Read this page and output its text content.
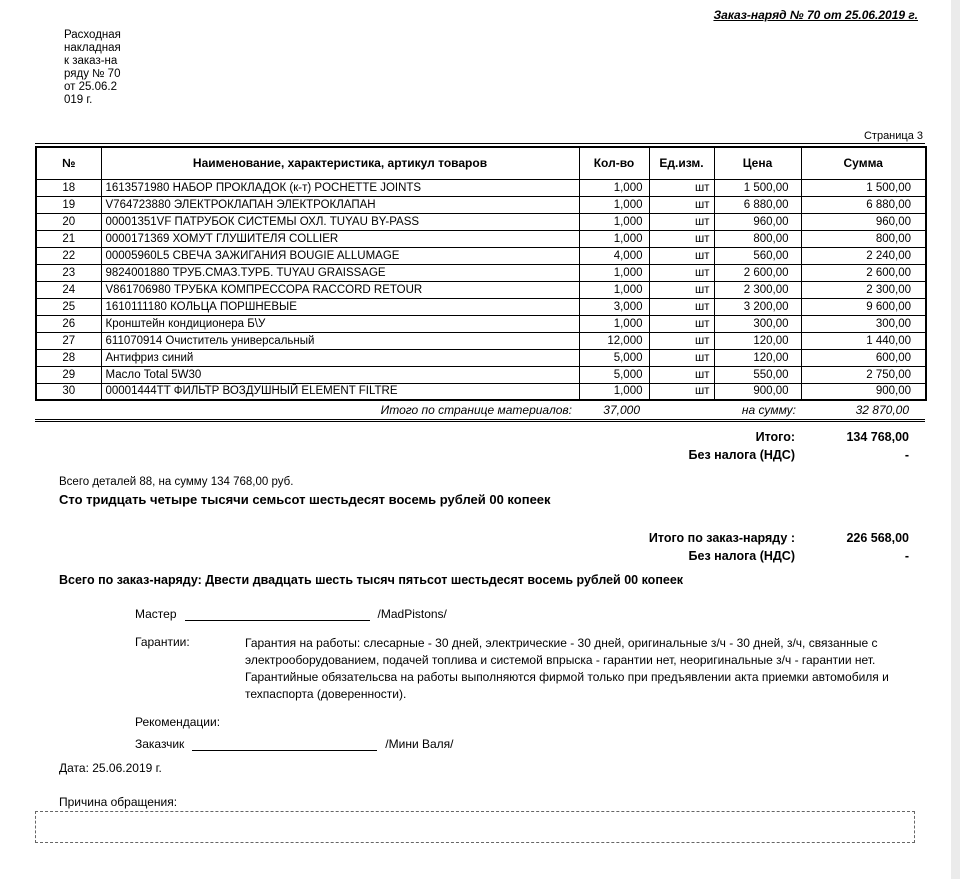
Заказ-наряд № 70 от 25.06.2019 г.
Расходная накладная к заказ-наряду № 70 от 25.06.2019 г.
Страница 3
№	Наименование, характеристика, артикул товаров	Кол-во	Ед.изм.	Цена	Сумма
18	1613571980 НАБОР ПРОКЛАДОК (к-т) POCHETTE JOINTS	1,000	шт	1 500,00	1 500,00
19	V764723880 ЭЛЕКТРОКЛАПАН ЭЛЕКТРОКЛАПАН	1,000	шт	6 880,00	6 880,00
20	00001351VF ПАТРУБОК СИСТЕМЫ ОХЛ. TUYAU BY-PASS	1,000	шт	960,00	960,00
21	0000171369 ХОМУТ ГЛУШИТЕЛЯ COLLIER	1,000	шт	800,00	800,00
22	00005960L5 СВЕЧА ЗАЖИГАНИЯ BOUGIE ALLUMAGE	4,000	шт	560,00	2 240,00
23	9824001880 ТРУБ.СМАЗ.ТУРБ. TUYAU GRAISSAGE	1,000	шт	2 600,00	2 600,00
24	V861706980 ТРУБКА КОМПРЕССОРА RACCORD RETOUR	1,000	шт	2 300,00	2 300,00
25	1610111180 КОЛЬЦА ПОРШНЕВЫЕ	3,000	шт	3 200,00	9 600,00
26	Кронштейн кондиционера Б\У	1,000	шт	300,00	300,00
27	611070914 Очиститель универсальный	12,000	шт	120,00	1 440,00
28	Антифриз синий	5,000	шт	120,00	600,00
29	Масло Total 5W30	5,000	шт	550,00	2 750,00
30	00001444TT ФИЛЬТР ВОЗДУШНЫЙ ELEMENT FILTRE	1,000	шт	900,00	900,00
Итого по странице материалов:	37,000	на сумму:	32 870,00
Итого:	134 768,00
Без налога (НДС)	-
Всего деталей 88, на сумму 134 768,00 руб.
Сто тридцать четыре тысячи семьсот шестьдесят восемь рублей 00 копеек
Итого по заказ-наряду :	226 568,00
Без налога (НДС)	-
Всего по заказ-наряду: Двести двадцать шесть тысяч пятьсот шестьдесят восемь рублей 00 копеек
Мастер	/MadPistons/
Гарантии:	Гарантия на работы: слесарные - 30 дней, электрические - 30 дней, оригинальные з/ч - 30 дней, з/ч, связанные с электрооборудованием, подачей топлива и системой впрыска - гарантии нет, неоригинальные з/ч - гарантии нет. Гарантийные обязательсва на работы выполняются фирмой только при предъявлении акта приемки автомобиля и техпаспорта (доверенности).
Рекомендации:
Заказчик	/Мини Валя/
Дата: 25.06.2019 г.
Причина обращения:
